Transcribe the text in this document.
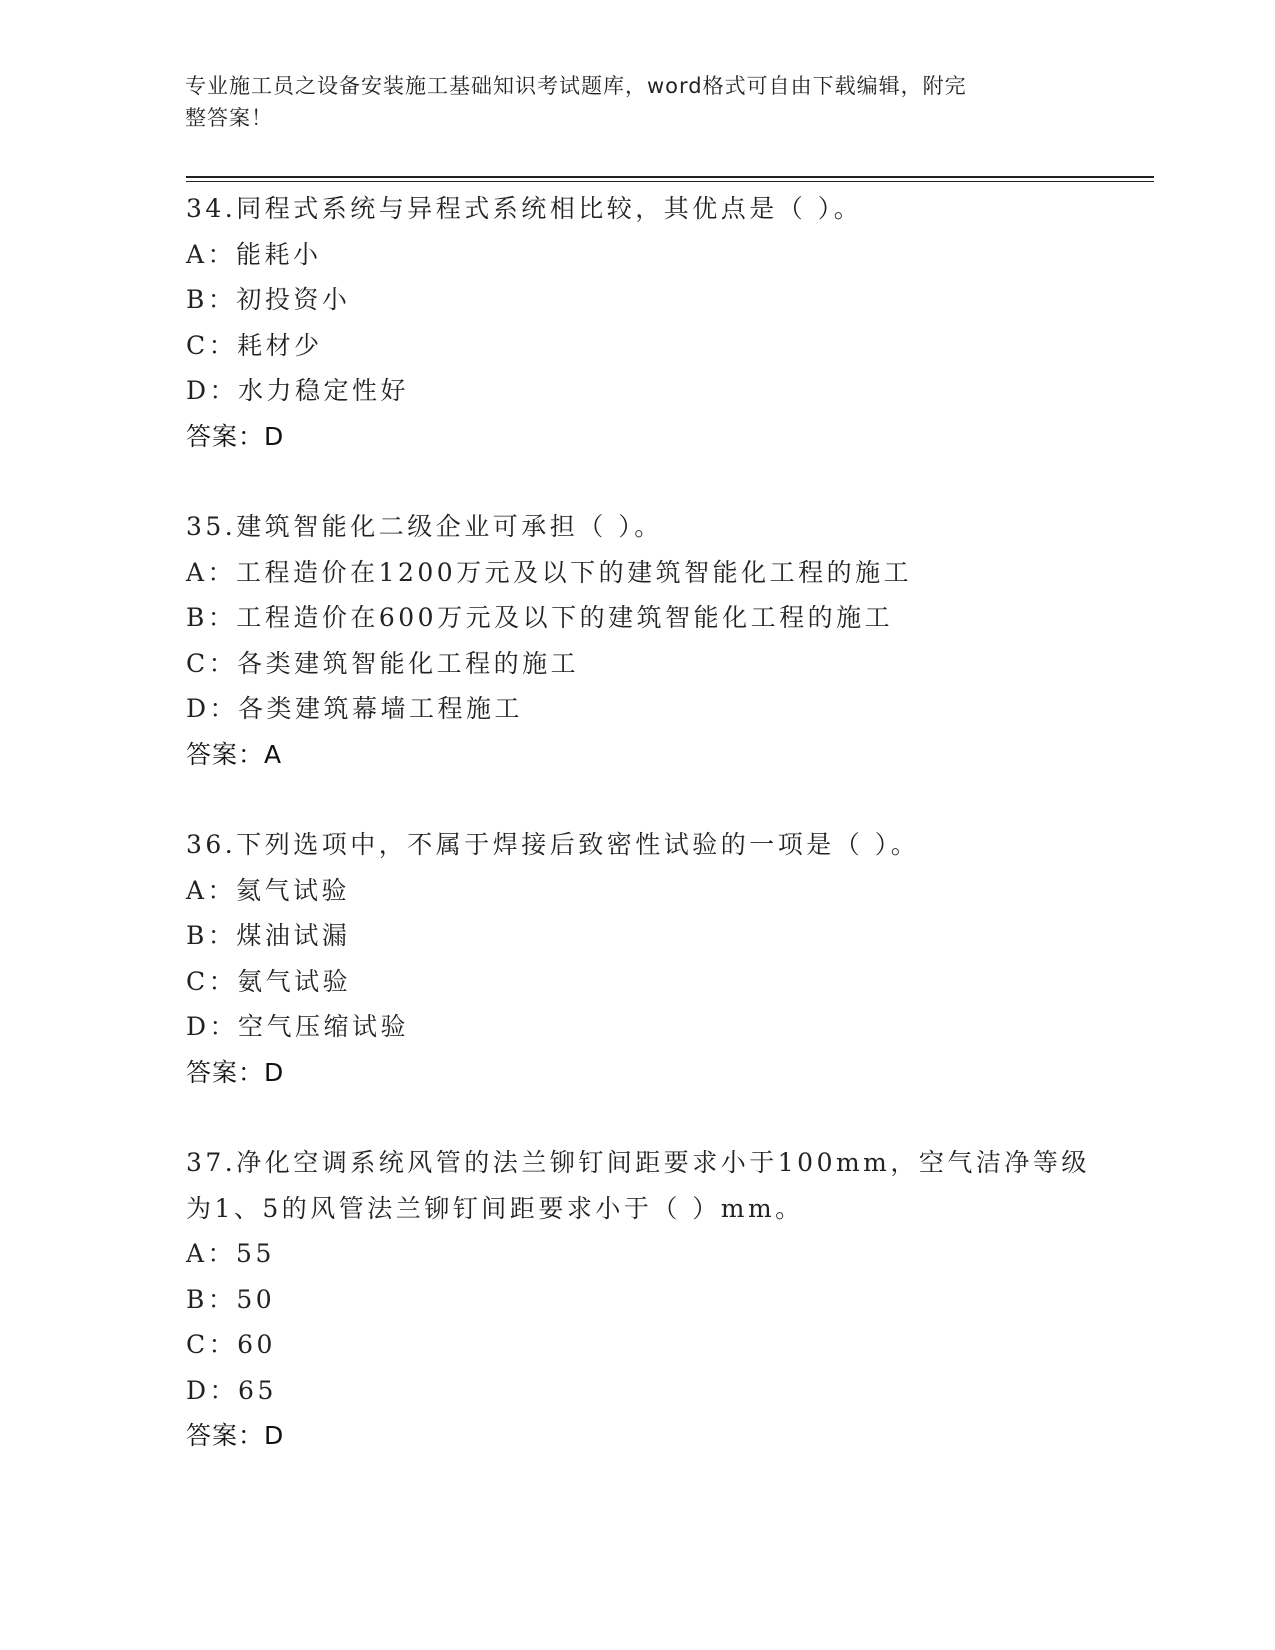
专业施工员之设备安装施工基础知识考试题库，word格式可自由下载编辑，附完
整答案！
34.同程式系统与异程式系统相比较，其优点是（ ）。
A：能耗小
B：初投资小
C：耗材少
D：水力稳定性好
答案：D
35.建筑智能化二级企业可承担（ ）。
A：工程造价在1200万元及以下的建筑智能化工程的施工
B：工程造价在600万元及以下的建筑智能化工程的施工
C：各类建筑智能化工程的施工
D：各类建筑幕墙工程施工
答案：A
36.下列选项中，不属于焊接后致密性试验的一项是（ ）。
A：氦气试验
B：煤油试漏
C：氨气试验
D：空气压缩试验
答案：D
37.净化空调系统风管的法兰铆钉间距要求小于100mm，空气洁净等级
为1、5的风管法兰铆钉间距要求小于（ ）mm。
A：55
B：50
C：60
D：65
答案：D
